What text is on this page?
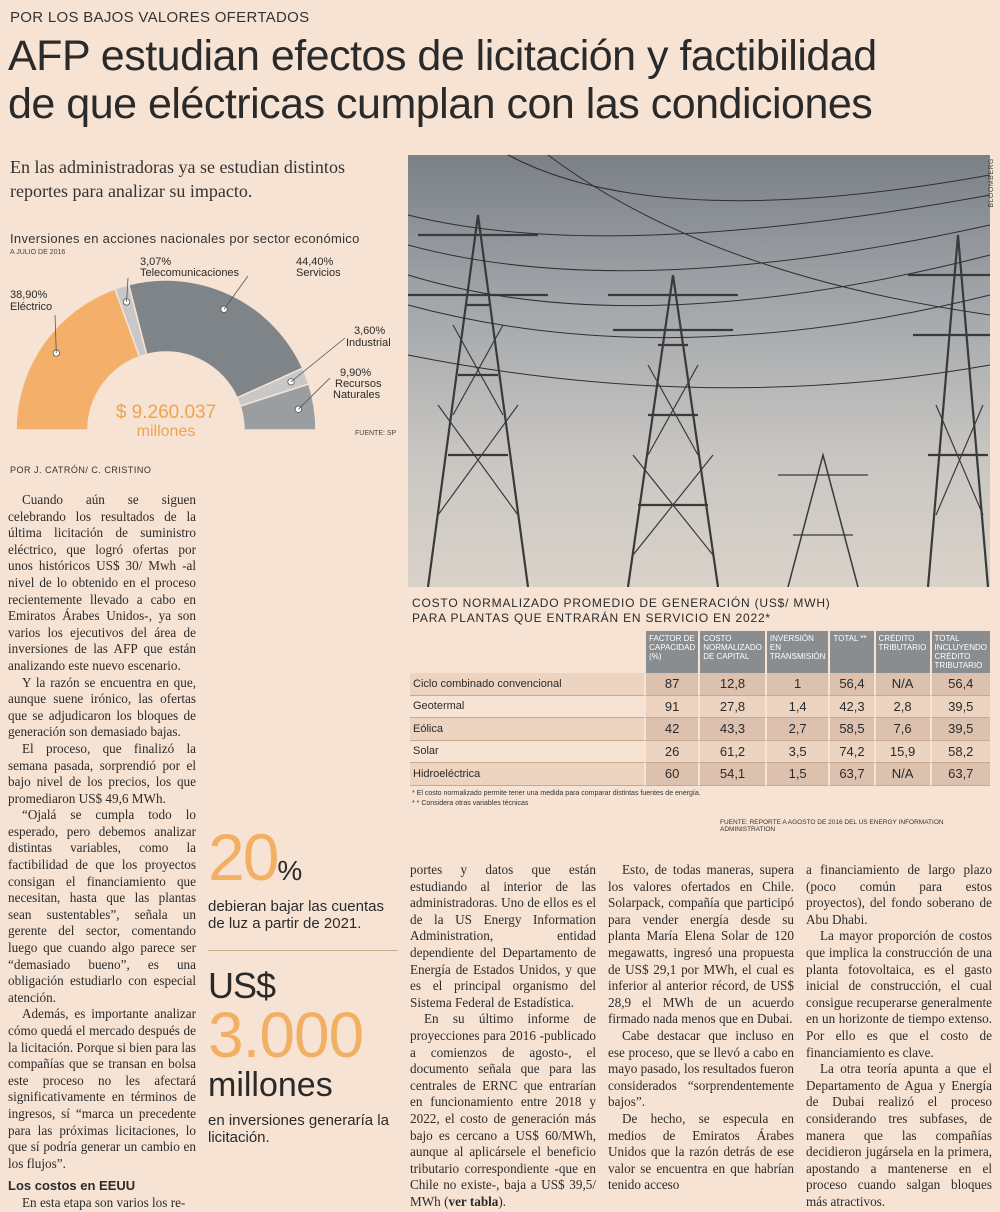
POR LOS BAJOS VALORES OFERTADOS
AFP estudian efectos de licitación y factibilidad
de que eléctricas cumplan con las condiciones
En las administradoras ya se estudian distintos reportes para analizar su impacto.	BLOOMBERG
Inversiones en acciones nacionales por sector económico
A JULIO DE 2016
38,90%
Eléctrico
3,07%
Telecomunicaciones
44,40%
Servicios
3,60%
Industrial
9,90%
Recursos
Naturales
$ 9.260.037
millones	FUENTE: SP
POR J. CATRÓN/ C. CRISTINO

Cuando aún se siguen celebrando los resultados de la última licitación de suministro eléctrico, que logró ofertas por unos históricos US$ 30/ Mwh -al nivel de lo obtenido en el proceso recientemente llevado a cabo en Emiratos Árabes Unidos-, ya son varios los ejecutivos del área de inversiones de las AFP que están analizando este nuevo escenario.

Y la razón se encuentra en que, aunque suene irónico, las ofertas que se adjudicaron los bloques de generación son demasiado bajas.

El proceso, que finalizó la semana pasada, sorprendió por el bajo nivel de los precios, los que promediaron US$ 49,6 MWh.

“Ojalá se cumpla todo lo esperado, pero debemos analizar distintas variables, como la factibilidad de que los proyectos consigan el financiamiento que necesitan, hasta que las plantas sean sustentables”, señala un gerente del sector, comentando luego que cuando algo parece ser “demasiado bueno”, es una obligación estudiarlo con especial atención.

Además, es importante analizar cómo quedá el mercado después de la licitación. Porque si bien para las compañías que se transan en bolsa este proceso no les afectará significativamente en términos de ingresos, sí “marca un precedente para las próximas licitaciones, lo que sí podría generar un cambio en los flujos”.

Los costos en EEUU

En esta etapa son varios los re-

20%
debieran bajar las cuentas de luz a partir de 2021.
US$
3.000
millones
en inversiones generaría la licitación.
COSTO NORMALIZADO PROMEDIO DE GENERACIÓN (US$/ MWH)
PARA PLANTAS QUE ENTRARÁN EN SERVICIO EN 2022*
	FACTOR DE CAPACIDAD (%)	COSTO NORMALIZADO DE CAPITAL	INVERSIÓN EN TRANSMISIÓN	TOTAL **	CRÉDITO TRIBUTARIO	TOTAL INCLUYENDO CRÉDITO TRIBUTARIO
Ciclo combinado convencional	87	12,8	1	56,4	N/A	56,4
Geotermal	91	27,8	1,4	42,3	2,8	39,5
Eólica	42	43,3	2,7	58,5	7,6	39,5
Solar	26	61,2	3,5	74,2	15,9	58,2
Hidroeléctrica	60	54,1	1,5	63,7	N/A	63,7
* El costo normalizado permite tener una medida para comparar distintas fuentes de energía.
* * Considera otras variables técnicas
FUENTE: REPORTE A AGOSTO DE 2016 DEL US ENERGY INFORMATION ADMINISTRATION

portes y datos que están estudiando al interior de las administradoras. Uno de ellos es el de la US Energy Information Administration, entidad dependiente del Departamento de Energía de Estados Unidos, y que es el principal organismo del Sistema Federal de Estadística.

En su último informe de proyecciones para 2016 -publicado a comienzos de agosto-, el documento señala que para las centrales de ERNC que entrarían en funcionamiento entre 2018 y 2022, el costo de generación más bajo es cercano a US$ 60/MWh, aunque al aplicársele el beneficio tributario correspondiente -que en Chile no existe-, baja a US$ 39,5/ MWh (ver tabla).

Esto, de todas maneras, supera los valores ofertados en Chile. Solarpack, compañía que participó para vender energía desde su planta María Elena Solar de 120 megawatts, ingresó una propuesta de US$ 29,1 por MWh, el cual es inferior al anterior récord, de US$ 28,9 el MWh de un acuerdo firmado nada menos que en Dubai.

Cabe destacar que incluso en ese proceso, que se llevó a cabo en mayo pasado, los resultados fueron considerados “sorprendentemente bajos”.

De hecho, se especula en medios de Emiratos Árabes Unidos que la razón detrás de ese valor se encuentra en que habrían tenido acceso

a financiamiento de largo plazo (poco común para estos proyectos), del fondo soberano de Abu Dhabi.

La mayor proporción de costos que implica la construcción de una planta fotovoltaica, es el gasto inicial de construcción, el cual consigue recuperarse generalmente en un horizonte de tiempo extenso. Por ello es que el costo de financiamiento es clave.

La otra teoría apunta a que el Departamento de Agua y Energía de Dubai realizó el proceso considerando tres subfases, de manera que las compañías decidieron jugársela en la primera, apostando a mantenerse en el proceso cuando salgan bloques más atractivos.
